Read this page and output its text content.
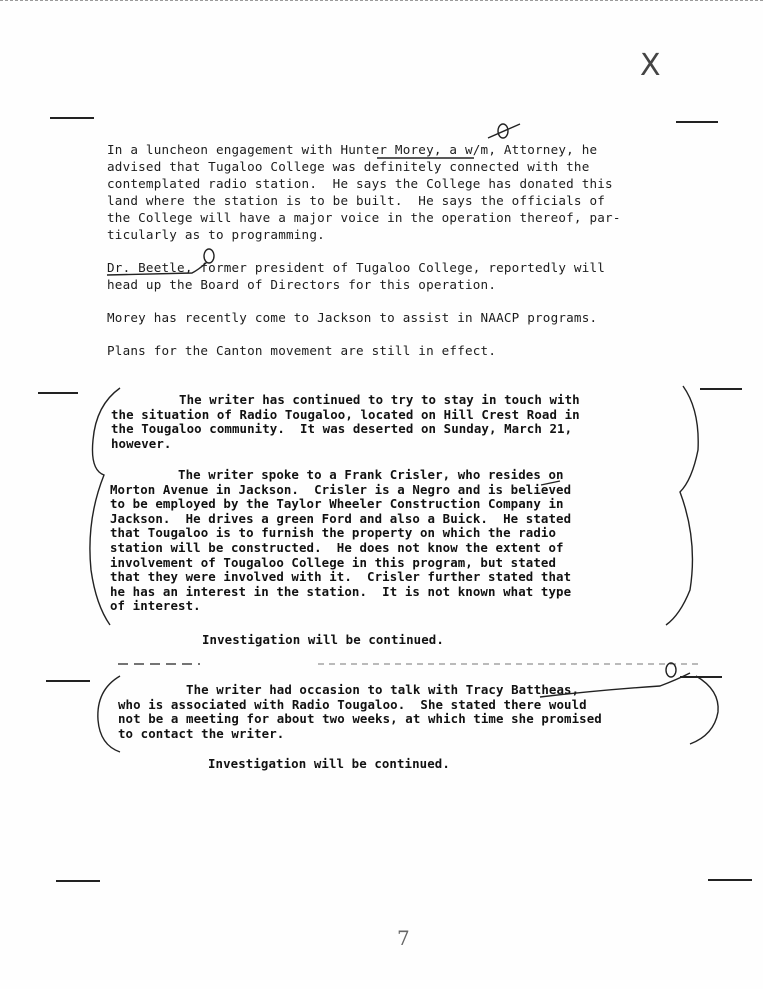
X

In a luncheon engagement with Hunter Morey, a w/m, Attorney, he
advised that Tugaloo College was definitely connected with the
contemplated radio station.  He says the College has donated this
land where the station is to be built.  He says the officials of
the College will have a major voice in the operation thereof, par-
ticularly as to programming.

Dr. Beetle, former president of Tugaloo College, reportedly will
head up the Board of Directors for this operation.

Morey has recently come to Jackson to assist in NAACP programs.

Plans for the Canton movement are still in effect.

The writer has continued to try to stay in touch with
the situation of Radio Tougaloo, located on Hill Crest Road in
the Tougaloo community.  It was deserted on Sunday, March 21,
however.

The writer spoke to a Frank Crisler, who resides on
Morton Avenue in Jackson.  Crisler is a Negro and is believed
to be employed by the Taylor Wheeler Construction Company in
Jackson.  He drives a green Ford and also a Buick.  He stated
that Tougaloo is to furnish the property on which the radio
station will be constructed.  He does not know the extent of
involvement of Tougaloo College in this program, but stated
that they were involved with it.  Crisler further stated that
he has an interest in the station.  It is not known what type
of interest.

Investigation will be continued.

The writer had occasion to talk with Tracy Battheas,
who is associated with Radio Tougaloo.  She stated there would
not be a meeting for about two weeks, at which time she promised
to contact the writer.

Investigation will be continued.

7
